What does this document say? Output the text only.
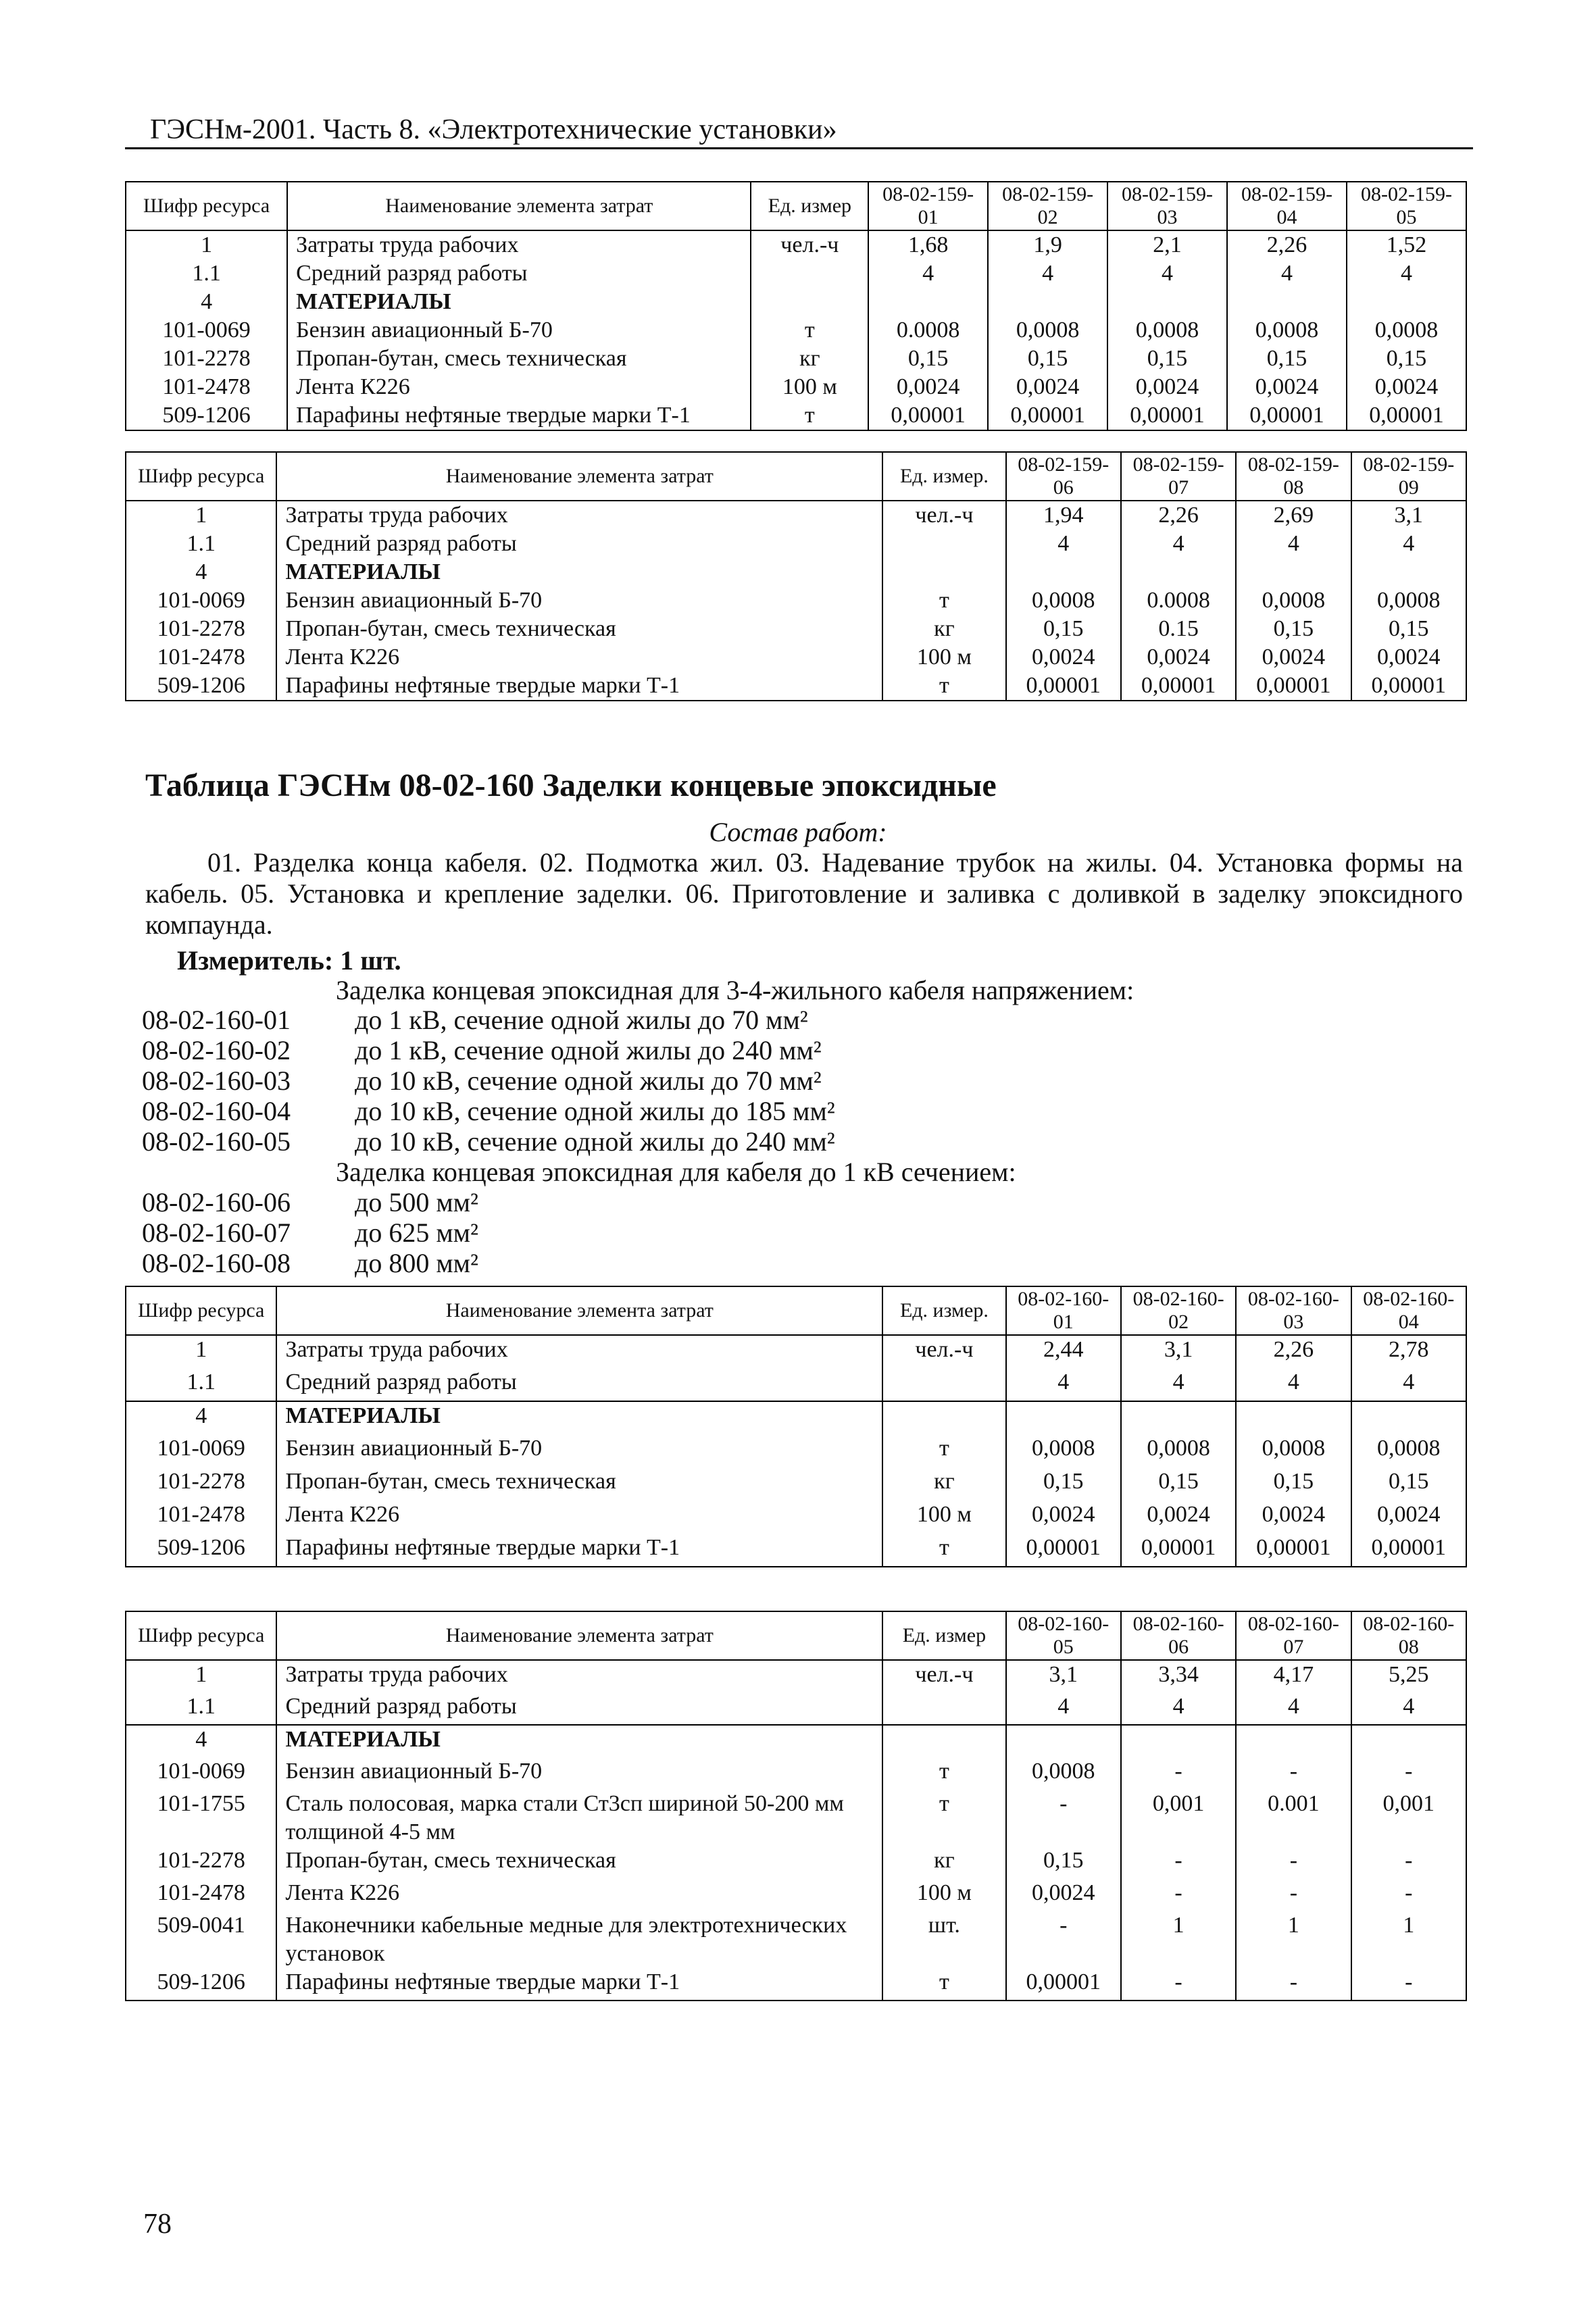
ГЭСНм-2001. Часть 8. «Электротехнические установки»
Шифр ресурса	Наименование элемента затрат	Ед. измер	08-02-159-01	08-02-159-02	08-02-159-03	08-02-159-04	08-02-159-05
1	Затраты труда рабочих	чел.-ч	1,68	1,9	2,1	2,26	1,52
1.1	Средний разряд работы		4	4	4	4	4
4	МАТЕРИАЛЫ						
101-0069	Бензин авиационный Б-70	т	0.0008	0,0008	0,0008	0,0008	0,0008
101-2278	Пропан-бутан, смесь техническая	кг	0,15	0,15	0,15	0,15	0,15
101-2478	Лента К226	100 м	0,0024	0,0024	0,0024	0,0024	0,0024
509-1206	Парафины нефтяные твердые марки Т-1	т	0,00001	0,00001	0,00001	0,00001	0,00001
Шифр ресурса	Наименование элемента затрат	Ед. измер.	08-02-159-06	08-02-159-07	08-02-159-08	08-02-159-09
1	Затраты труда рабочих	чел.-ч	1,94	2,26	2,69	3,1
1.1	Средний разряд работы		4	4	4	4
4	МАТЕРИАЛЫ					
101-0069	Бензин авиационный Б-70	т	0,0008	0.0008	0,0008	0,0008
101-2278	Пропан-бутан, смесь техническая	кг	0,15	0.15	0,15	0,15
101-2478	Лента К226	100 м	0,0024	0,0024	0,0024	0,0024
509-1206	Парафины нефтяные твердые марки Т-1	т	0,00001	0,00001	0,00001	0,00001
Таблица ГЭСНм 08-02-160 Заделки концевые эпоксидные
Состав работ:
01. Разделка конца кабеля. 02. Подмотка жил. 03. Надевание трубок на жилы. 04. Установка формы на кабель. 05. Установка и крепление заделки. 06. Приготовление и заливка с доливкой в заделку эпоксидного компаунда.
Измеритель: 1 шт.
Заделка концевая эпоксидная для 3-4-жильного кабеля напряжением:
08-02-160-01 до 1 кВ, сечение одной жилы до 70 мм²
08-02-160-02 до 1 кВ, сечение одной жилы до 240 мм²
08-02-160-03 до 10 кВ, сечение одной жилы до 70 мм²
08-02-160-04 до 10 кВ, сечение одной жилы до 185 мм²
08-02-160-05 до 10 кВ, сечение одной жилы до 240 мм²
Заделка концевая эпоксидная для кабеля до 1 кВ сечением:
08-02-160-06 до 500 мм²
08-02-160-07 до 625 мм²
08-02-160-08 до 800 мм²
Шифр ресурса	Наименование элемента затрат	Ед. измер.	08-02-160-01	08-02-160-02	08-02-160-03	08-02-160-04
1	Затраты труда рабочих	чел.-ч	2,44	3,1	2,26	2,78
1.1	Средний разряд работы		4	4	4	4
4	МАТЕРИАЛЫ					
101-0069	Бензин авиационный Б-70	т	0,0008	0,0008	0,0008	0,0008
101-2278	Пропан-бутан, смесь техническая	кг	0,15	0,15	0,15	0,15
101-2478	Лента К226	100 м	0,0024	0,0024	0,0024	0,0024
509-1206	Парафины нефтяные твердые марки Т-1	т	0,00001	0,00001	0,00001	0,00001
Шифр ресурса	Наименование элемента затрат	Ед. измер	08-02-160-05	08-02-160-06	08-02-160-07	08-02-160-08
1	Затраты труда рабочих	чел.-ч	3,1	3,34	4,17	5,25
1.1	Средний разряд работы		4	4	4	4
4	МАТЕРИАЛЫ					
101-0069	Бензин авиационный Б-70	т	0,0008	-	-	-
101-1755	Сталь полосовая, марка стали Ст3сп шириной 50-200 мм толщиной 4-5 мм	т	-	0,001	0.001	0,001
101-2278	Пропан-бутан, смесь техническая	кг	0,15	-	-	-
101-2478	Лента К226	100 м	0,0024	-	-	-
509-0041	Наконечники кабельные медные для электротехнических установок	шт.	-	1	1	1
509-1206	Парафины нефтяные твердые марки Т-1	т	0,00001	-	-	-
78
